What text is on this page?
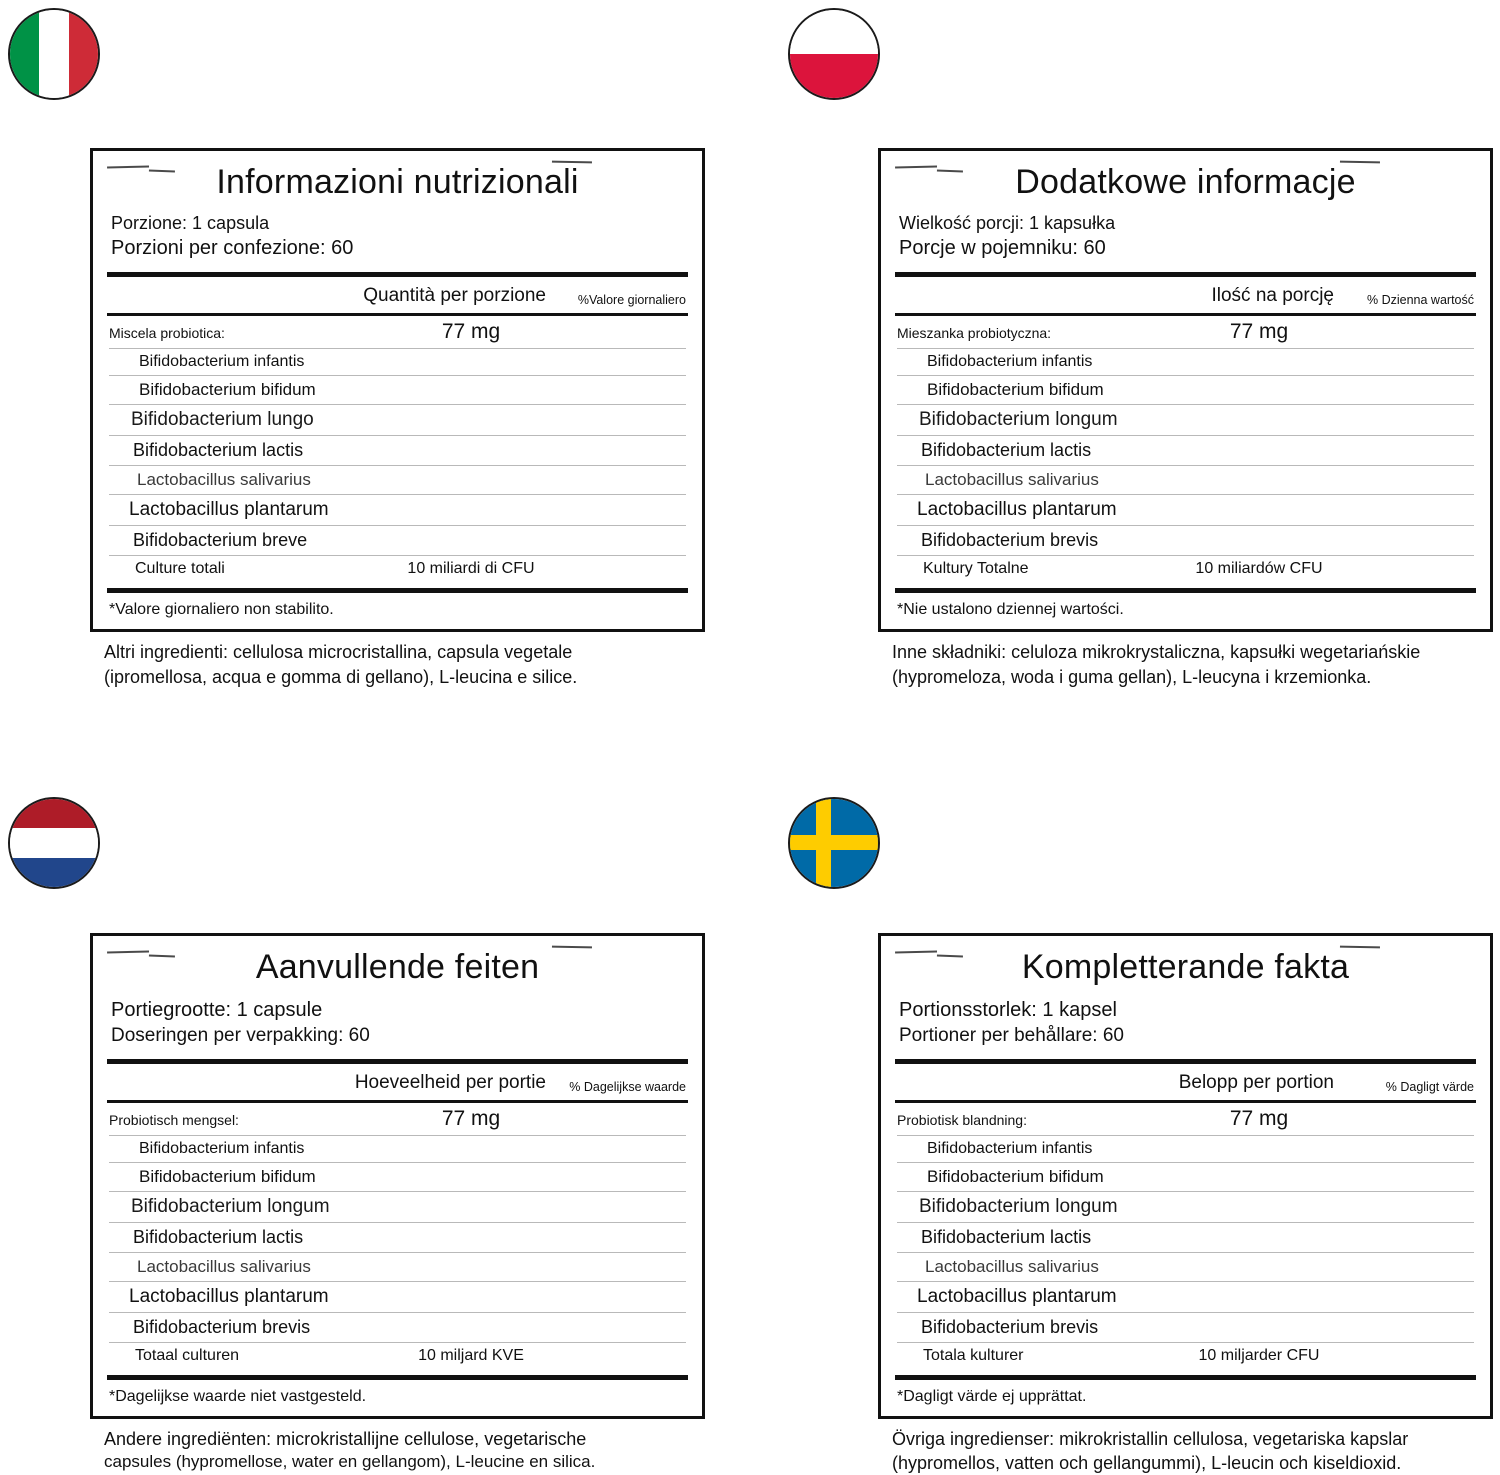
Informazioni nutrizionali
Porzione: 1 capsula
Porzioni per confezione: 60
Quantità per porzione	%Valore giornaliero
Miscela probiotica:	77 mg
Bifidobacterium infantis
Bifidobacterium bifidum
Bifidobacterium lungo
Bifidobacterium lactis
Lactobacillus salivarius
Lactobacillus plantarum
Bifidobacterium breve
Culture totali	10 miliardi di CFU
*Valore giornaliero non stabilito.
Altri ingredienti: cellulosa microcristallina, capsula vegetale
(ipromellosa, acqua e gomma di gellano), L-leucina e silice.
Dodatkowe informacje
Wielkość porcji: 1 kapsułka
Porcje w pojemniku: 60
Ilość na porcję	% Dzienna wartość
Mieszanka probiotyczna:	77 mg
Bifidobacterium infantis
Bifidobacterium bifidum
Bifidobacterium longum
Bifidobacterium lactis
Lactobacillus salivarius
Lactobacillus plantarum
Bifidobacterium brevis
Kultury Totalne	10 miliardów CFU
*Nie ustalono dziennej wartości.
Inne składniki: celuloza mikrokrystaliczna, kapsułki wegetariańskie
(hypromeloza, woda i guma gellan), L-leucyna i krzemionka.
Aanvullende feiten
Portiegrootte: 1 capsule
Doseringen per verpakking: 60
Hoeveelheid per portie	% Dagelijkse waarde
Probiotisch mengsel:	77 mg
Bifidobacterium infantis
Bifidobacterium bifidum
Bifidobacterium longum
Bifidobacterium lactis
Lactobacillus salivarius
Lactobacillus plantarum
Bifidobacterium brevis
Totaal culturen	10 miljard KVE
*Dagelijkse waarde niet vastgesteld.
Andere ingrediënten: microkristallijne cellulose, vegetarische
capsules (hypromellose, water en gellangom), L-leucine en silica.
Kompletterande fakta
Portionsstorlek: 1 kapsel
Portioner per behållare: 60
Belopp per portion	% Dagligt värde
Probiotisk blandning:	77 mg
Bifidobacterium infantis
Bifidobacterium bifidum
Bifidobacterium longum
Bifidobacterium lactis
Lactobacillus salivarius
Lactobacillus plantarum
Bifidobacterium brevis
Totala kulturer	10 miljarder CFU
*Dagligt värde ej upprättat.
Övriga ingredienser: mikrokristallin cellulosa, vegetariska kapslar
(hypromellos, vatten och gellangummi), L-leucin och kiseldioxid.
